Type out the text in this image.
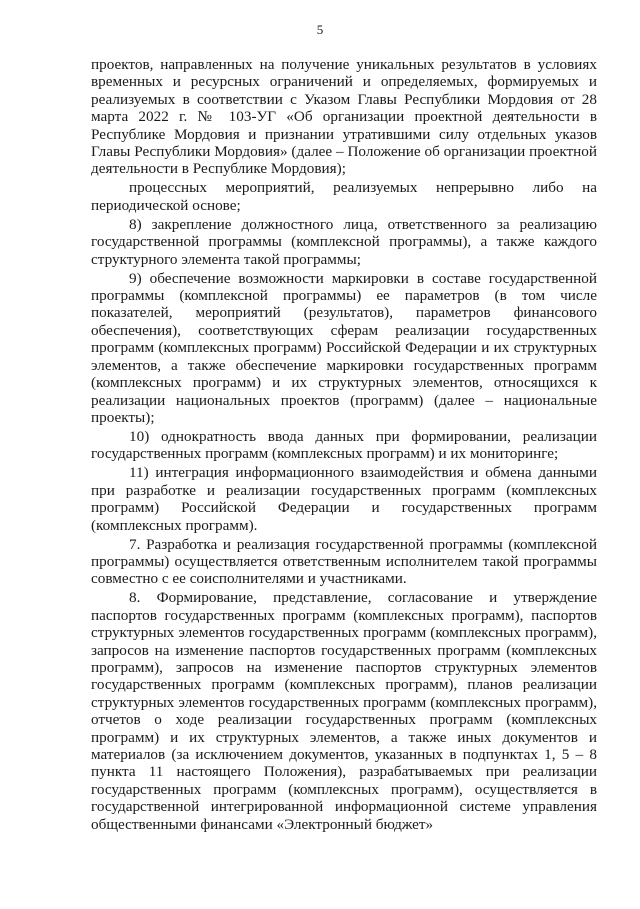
5

проектов, направленных на получение уникальных результатов в условиях временных и ресурсных ограничений и определяемых, формируемых и реализуемых в соответствии с Указом Главы Республики Мордовия от 28 марта 2022 г. № 103-УГ «Об организации проектной деятельности в Республике Мордовия и признании утратившими силу отдельных указов Главы Республики Мордовия» (далее – Положение об организации проектной деятельности в Республике Мордовия);

процессных мероприятий, реализуемых непрерывно либо на периодической основе;

8) закрепление должностного лица, ответственного за реализацию государственной программы (комплексной программы), а также каждого структурного элемента такой программы;

9) обеспечение возможности маркировки в составе государственной программы (комплексной программы) ее параметров (в том числе показателей, мероприятий (результатов), параметров финансового обеспечения), соответствующих сферам реализации государственных программ (комплексных программ) Российской Федерации и их структурных элементов, а также обеспечение маркировки государственных программ (комплексных программ) и их структурных элементов, относящихся к реализации национальных проектов (программ) (далее – национальные проекты);

10) однократность ввода данных при формировании, реализации государственных программ (комплексных программ) и их мониторинге;

11) интеграция информационного взаимодействия и обмена данными при разработке и реализации государственных программ (комплексных программ) Российской Федерации и государственных программ (комплексных программ).

7. Разработка и реализация государственной программы (комплексной программы) осуществляется ответственным исполнителем такой программы совместно с ее соисполнителями и участниками.

8. Формирование, представление, согласование и утверждение паспортов государственных программ (комплексных программ), паспортов структурных элементов государственных программ (комплексных программ), запросов на изменение паспортов государственных программ (комплексных программ), запросов на изменение паспортов структурных элементов государственных программ (комплексных программ), планов реализации структурных элементов государственных программ (комплексных программ), отчетов о ходе реализации государственных программ (комплексных программ) и их структурных элементов, а также иных документов и материалов (за исключением документов, указанных в подпунктах 1, 5 – 8 пункта 11 настоящего Положения), разрабатываемых при реализации государственных программ (комплексных программ), осуществляется в государственной интегрированной информационной системе управления общественными финансами «Электронный бюджет»
